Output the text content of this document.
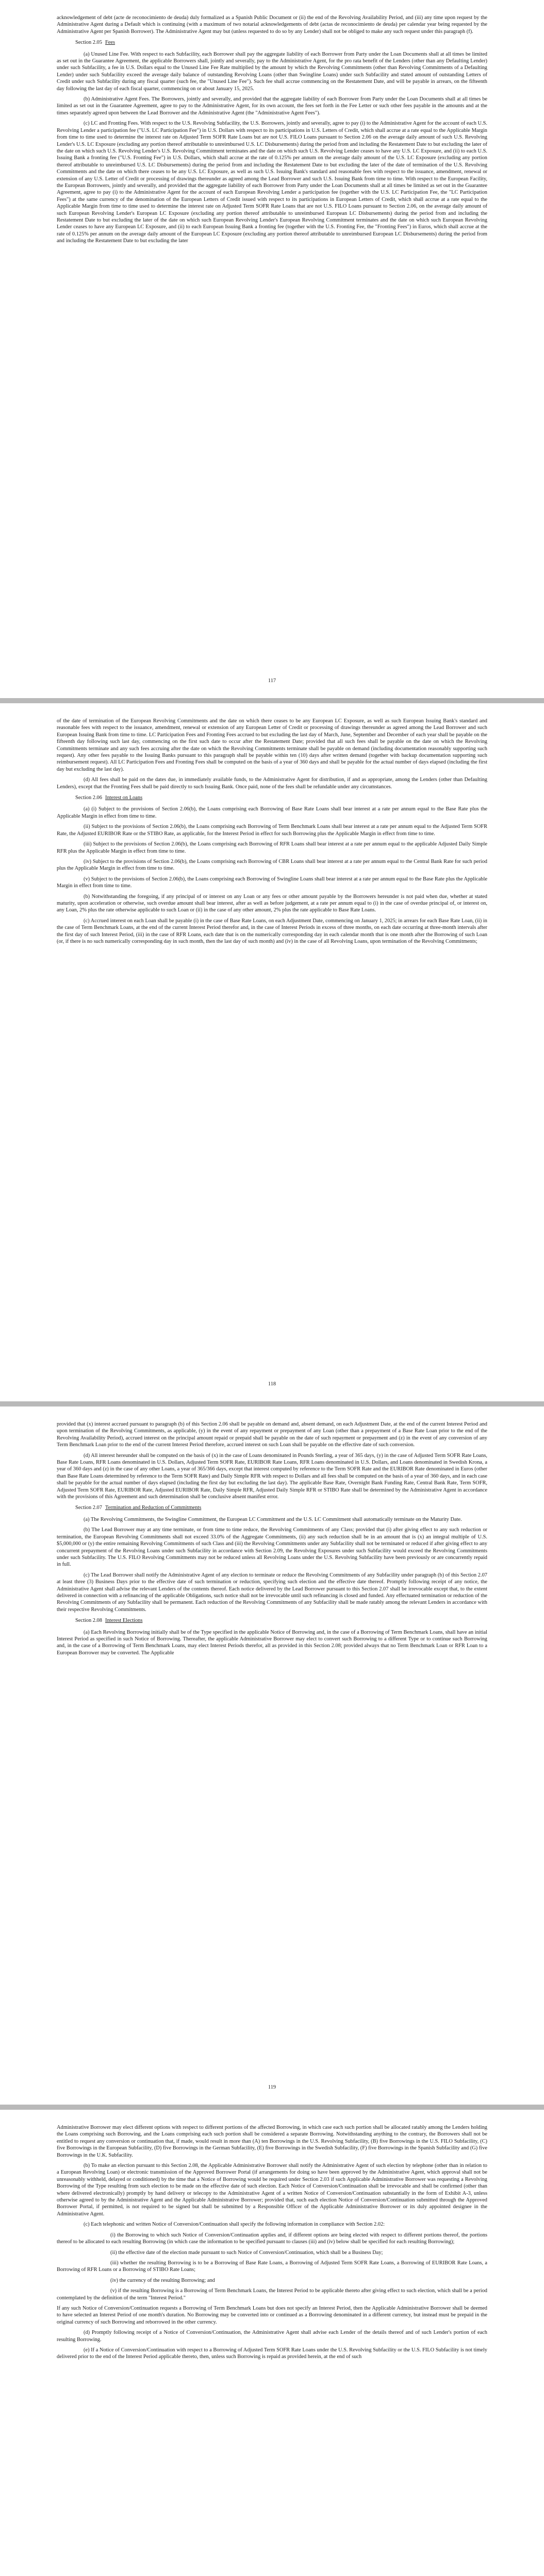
acknowledgement of debt (acte de reconocimiento de deuda) duly formalized as a Spanish Public Document or (ii) the end of the Revolving Availability Period, and (iii) any time upon request by the Administrative Agent during a Default which is continuing (with a maximum of two notarial acknowledgements of debt (actas de reconocimiento de deuda) per calendar year being requested by the Administrative Agent per Spanish Borrower). The Administrative Agent may but (unless requested to do so by any Lender) shall not be obliged to make any such request under this paragraph (f).

Section 2.05 Fees

(a) Unused Line Fee. With respect to each Subfacility, each Borrower shall pay the aggregate liability of each Borrower from Party under the Loan Documents shall at all times be limited as set out in the Guarantee Agreement, the applicable Borrowers shall, jointly and severally, pay to the Administrative Agent, for the pro rata benefit of the Lenders (other than any Defaulting Lender) under such Subfacility, a fee in U.S. Dollars equal to the Unused Line Fee Rate multiplied by the amount by which the Revolving Commitments (other than Revolving Commitments of a Defaulting Lender) under such Subfacility exceed the average daily balance of outstanding Revolving Loans (other than Swingline Loans) under such Subfacility and stated amount of outstanding Letters of Credit under such Subfacility during any fiscal quarter (such fee, the "Unused Line Fee"). Such fee shall accrue commencing on the Restatement Date, and will be payable in arrears, on the fifteenth day following the last day of each fiscal quarter, commencing on or about January 15, 2025.

(b) Administrative Agent Fees. The Borrowers, jointly and severally, and provided that the aggregate liability of each Borrower from Party under the Loan Documents shall at all times be limited as set out in the Guarantee Agreement, agree to pay to the Administrative Agent, for its own account, the fees set forth in the Fee Letter or such other fees payable in the amounts and at the times separately agreed upon between the Lead Borrower and the Administrative Agent (the "Administrative Agent Fees").

(c) LC and Fronting Fees. With respect to the U.S. Revolving Subfacility, the U.S. Borrowers, jointly and severally, agree to pay (i) to the Administrative Agent for the account of each U.S. Revolving Lender a participation fee ("U.S. LC Participation Fee") in U.S. Dollars with respect to its participations in U.S. Letters of Credit, which shall accrue at a rate equal to the Applicable Margin from time to time used to determine the interest rate on Adjusted Term SOFR Rate Loans but are not U.S. FILO Loans pursuant to Section 2.06 on the average daily amount of such U.S. Revolving Lender's U.S. LC Exposure (excluding any portion thereof attributable to unreimbursed U.S. LC Disbursements) during the period from and including the Restatement Date to but excluding the later of the date on which such U.S. Revolving Lender's U.S. Revolving Commitment terminates and the date on which such U.S. Revolving Lender ceases to have any U.S. LC Exposure, and (ii) to each U.S. Issuing Bank a fronting fee ("U.S. Fronting Fee") in U.S. Dollars, which shall accrue at the rate of 0.125% per annum on the average daily amount of the U.S. LC Exposure (excluding any portion thereof attributable to unreimbursed U.S. LC Disbursements) during the period from and including the Restatement Date to but excluding the later of the date of termination of the U.S. Revolving Commitments and the date on which there ceases to be any U.S. LC Exposure, as well as such U.S. Issuing Bank's standard and reasonable fees with respect to the issuance, amendment, renewal or extension of any U.S. Letter of Credit or processing of drawings thereunder as agreed among the Lead Borrower and such U.S. Issuing Bank from time to time. With respect to the European Facility, the European Borrowers, jointly and severally, and provided that the aggregate liability of each Borrower from Party under the Loan Documents shall at all times be limited as set out in the Guarantee Agreement, agree to pay (i) to the Administrative Agent for the account of each European Revolving Lender a participation fee (together with the U.S. LC Participation Fee, the "LC Participation Fees") at the same currency of the denomination of the European Letters of Credit issued with respect to its participations in European Letters of Credit, which shall accrue at a rate equal to the Applicable Margin from time to time used to determine the interest rate on Adjusted Term SOFR Rate Loans that are not U.S. FILO Loans pursuant to Section 2.06, on the average daily amount of such European Revolving Lender's European LC Exposure (excluding any portion thereof attributable to unreimbursed European LC Disbursements) during the period from and including the Restatement Date to but excluding the later of the date on which such European Revolving Lender's European Revolving Commitment terminates and the date on which such European Revolving Lender ceases to have any European LC Exposure, and (ii) to each European Issuing Bank a fronting fee (together with the U.S. Fronting Fee, the "Fronting Fees") in Euros, which shall accrue at the rate of 0.125% per annum on the average daily amount of the European LC Exposure (excluding any portion thereof attributable to unreimbursed European LC Disbursements) during the period from and including the Restatement Date to but excluding the later

117

of the date of termination of the European Revolving Commitments and the date on which there ceases to be any European LC Exposure, as well as such European Issuing Bank's standard and reasonable fees with respect to the issuance, amendment, renewal or extension of any European Letter of Credit or processing of drawings thereunder as agreed among the Lead Borrower and such European Issuing Bank from time to time. LC Participation Fees and Fronting Fees accrued to but excluding the last day of March, June, September and December of each year shall be payable on the fifteenth day following such last day, commencing on the first such date to occur after the Restatement Date; provided that all such fees shall be payable on the date on which the Revolving Commitments terminate and any such fees accruing after the date on which the Revolving Commitments terminate shall be payable on demand (including documentation reasonably supporting such request). Any other fees payable to the Issuing Banks pursuant to this paragraph shall be payable within ten (10) days after written demand (together with backup documentation supporting such reimbursement request). All LC Participation Fees and Fronting Fees shall be computed on the basis of a year of 360 days and shall be payable for the actual number of days elapsed (including the first day but excluding the last day).

(d) All fees shall be paid on the dates due, in immediately available funds, to the Administrative Agent for distribution, if and as appropriate, among the Lenders (other than Defaulting Lenders), except that the Fronting Fees shall be paid directly to such Issuing Bank. Once paid, none of the fees shall be refundable under any circumstances.

Section 2.06 Interest on Loans

(a) (i) Subject to the provisions of Section 2.06(b), the Loans comprising each Borrowing of Base Rate Loans shall bear interest at a rate per annum equal to the Base Rate plus the Applicable Margin in effect from time to time.

(ii) Subject to the provisions of Section 2.06(b), the Loans comprising each Borrowing of Term Benchmark Loans shall bear interest at a rate per annum equal to the Adjusted Term SOFR Rate, the Adjusted EURIBOR Rate or the STIBO Rate, as applicable, for the Interest Period in effect for such Borrowing plus the Applicable Margin in effect from time to time.

(iii) Subject to the provisions of Section 2.06(b), the Loans comprising each Borrowing of RFR Loans shall bear interest at a rate per annum equal to the applicable Adjusted Daily Simple RFR plus the Applicable Margin in effect from time to time.

(iv) Subject to the provisions of Section 2.06(b), the Loans comprising each Borrowing of CBR Loans shall bear interest at a rate per annum equal to the Central Bank Rate for such period plus the Applicable Margin in effect from time to time.

(v) Subject to the provisions of Section 2.06(b), the Loans comprising each Borrowing of Swingline Loans shall bear interest at a rate per annum equal to the Base Rate plus the Applicable Margin in effect from time to time.

(b) Notwithstanding the foregoing, if any principal of or interest on any Loan or any fees or other amount payable by the Borrowers hereunder is not paid when due, whether at stated maturity, upon acceleration or otherwise, such overdue amount shall bear interest, after as well as before judgement, at a rate per annum equal to (i) in the case of overdue principal of, or interest on, any Loan, 2% plus the rate otherwise applicable to such Loan or (ii) in the case of any other amount, 2% plus the rate applicable to Base Rate Loans.

(c) Accrued interest on each Loan shall be payable (i) in the case of Base Rate Loans, on each Adjustment Date, commencing on January 1, 2025; in arrears for each Base Rate Loan, (ii) in the case of Term Benchmark Loans, at the end of the current Interest Period therefor and, in the case of Interest Periods in excess of three months, on each date occurring at three-month intervals after the first day of such Interest Period, (iii) in the case of RFR Loans, each date that is on the numerically corresponding day in each calendar month that is one month after the Borrowing of such Loan (or, if there is no such numerically corresponding day in such month, then the last day of such month) and (iv) in the case of all Revolving Loans, upon termination of the Revolving Commitments;

118

provided that (x) interest accrued pursuant to paragraph (b) of this Section 2.06 shall be payable on demand and, absent demand, on each Adjustment Date, at the end of the current Interest Period and upon termination of the Revolving Commitments, as applicable, (y) in the event of any repayment or prepayment of any Loan (other than a prepayment of a Base Rate Loan prior to the end of the Revolving Availability Period), accrued interest on the principal amount repaid or prepaid shall be payable on the date of such repayment or prepayment and (z) in the event of any conversion of any Term Benchmark Loan prior to the end of the current Interest Period therefore, accrued interest on such Loan shall be payable on the effective date of such conversion.

(d) All interest hereunder shall be computed on the basis of (x) in the case of Loans denominated in Pounds Sterling, a year of 365 days, (y) in the case of Adjusted Term SOFR Rate Loans, Base Rate Loans, RFR Loans denominated in U.S. Dollars, Adjusted Term SOFR Rate, EURIBOR Rate Loans, RFR Loans denominated in U.S. Dollars, and Loans denominated in Swedish Krona, a year of 360 days and (z) in the case of any other Loans, a year of 365/366 days, except that interest computed by reference to the Term SOFR Rate and the EURIBOR Rate denominated in Euros (other than Base Rate Loans determined by reference to the Term SOFR Rate) and Daily Simple RFR with respect to Dollars and all fees shall be computed on the basis of a year of 360 days, and in each case shall be payable for the actual number of days elapsed (including the first day but excluding the last day). The applicable Base Rate, Overnight Bank Funding Rate, Central Bank Rate, Term SOFR, Adjusted Term SOFR Rate, EURIBOR Rate, Adjusted EURIBOR Rate, Daily Simple RFR, Adjusted Daily Simple RFR or STIBO Rate shall be determined by the Administrative Agent in accordance with the provisions of this Agreement and such determination shall be conclusive absent manifest error.

Section 2.07 Termination and Reduction of Commitments

(a) The Revolving Commitments, the Swingline Commitment, the European LC Commitment and the U.S. LC Commitment shall automatically terminate on the Maturity Date.

(b) The Lead Borrower may at any time terminate, or from time to time reduce, the Revolving Commitments of any Class; provided that (i) after giving effect to any such reduction or termination, the European Revolving Commitments shall not exceed 33.0% of the Aggregate Commitments, (ii) any such reduction shall be in an amount that is (x) an integral multiple of U.S. $5,000,000 or (y) the entire remaining Revolving Commitments of such Class and (iii) the Revolving Commitments under any Subfacility shall not be terminated or reduced if after giving effect to any concurrent prepayment of the Revolving Loans under such Subfacility in accordance with Section 2.09, the Revolving Exposures under such Subfacility would exceed the Revolving Commitments under such Subfacility. The U.S. FILO Revolving Commitments may not be reduced unless all Revolving Loans under the U.S. Revolving Subfacility have been previously or are concurrently repaid in full.

(c) The Lead Borrower shall notify the Administrative Agent of any election to terminate or reduce the Revolving Commitments of any Subfacility under paragraph (b) of this Section 2.07 at least three (3) Business Days prior to the effective date of such termination or reduction, specifying such election and the effective date thereof. Promptly following receipt of any notice, the Administrative Agent shall advise the relevant Lenders of the contents thereof. Each notice delivered by the Lead Borrower pursuant to this Section 2.07 shall be irrevocable except that, to the extent delivered in connection with a refinancing of the applicable Obligations, such notice shall not be irrevocable until such refinancing is closed and funded. Any effectuated termination or reduction of the Revolving Commitments of any Subfacility shall be permanent. Each reduction of the Revolving Commitments of any Subfacility shall be made ratably among the relevant Lenders in accordance with their respective Revolving Commitments.

Section 2.08 Interest Elections

(a) Each Revolving Borrowing initially shall be of the Type specified in the applicable Notice of Borrowing and, in the case of a Borrowing of Term Benchmark Loans, shall have an initial Interest Period as specified in such Notice of Borrowing. Thereafter, the applicable Administrative Borrower may elect to convert such Borrowing to a different Type or to continue such Borrowing and, in the case of a Borrowing of Term Benchmark Loans, may elect Interest Periods therefor, all as provided in this Section 2.08; provided always that no Term Benchmark Loan or RFR Loan to a European Borrower may be converted. The Applicable

119

Administrative Borrower may elect different options with respect to different portions of the affected Borrowing, in which case each such portion shall be allocated ratably among the Lenders holding the Loans comprising such Borrowing, and the Loans comprising each such portion shall be considered a separate Borrowing. Notwithstanding anything to the contrary, the Borrowers shall not be entitled to request any conversion or continuation that, if made, would result in more than (A) ten Borrowings in the U.S. Revolving Subfacility, (B) five Borrowings in the U.S. FILO Subfacility, (C) five Borrowings in the European Subfacility, (D) five Borrowings in the German Subfacility, (E) five Borrowings in the Swedish Subfacility, (F) five Borrowings in the Spanish Subfacility and (G) five Borrowings in the U.K. Subfacility.

(b) To make an election pursuant to this Section 2.08, the Applicable Administrative Borrower shall notify the Administrative Agent of such election by telephone (other than in relation to a European Revolving Loan) or electronic transmission of the Approved Borrower Portal (if arrangements for doing so have been approved by the Administrative Agent, which approval shall not be unreasonably withheld, delayed or conditioned) by the time that a Notice of Borrowing would be required under Section 2.03 if such Applicable Administrative Borrower was requesting a Revolving Borrowing of the Type resulting from such election to be made on the effective date of such election. Each Notice of Conversion/Continuation shall be irrevocable and shall be confirmed (other than where delivered electronically) promptly by hand delivery or telecopy to the Administrative Agent of a written Notice of Conversion/Continuation substantially in the form of Exhibit A-3, unless otherwise agreed to by the Administrative Agent and the Applicable Administrative Borrower; provided that, such each election Notice of Conversion/Continuation submitted through the Approved Borrower Portal, if permitted, is not required to be signed but shall be submitted by a Responsible Officer of the Applicable Administrative Borrower or its duly appointed designee in the Administrative Agent.

(c) Each telephonic and written Notice of Conversion/Continuation shall specify the following information in compliance with Section 2.02:

(i) the Borrowing to which such Notice of Conversion/Continuation applies and, if different options are being elected with respect to different portions thereof, the portions thereof to be allocated to each resulting Borrowing (in which case the information to be specified pursuant to clauses (iii) and (iv) below shall be specified for each resulting Borrowing);

(ii) the effective date of the election made pursuant to such Notice of Conversion/Continuation, which shall be a Business Day;

(iii) whether the resulting Borrowing is to be a Borrowing of Base Rate Loans, a Borrowing of Adjusted Term SOFR Rate Loans, a Borrowing of EURIBOR Rate Loans, a Borrowing of RFR Loans or a Borrowing of STIBO Rate Loans;

(iv) the currency of the resulting Borrowing; and

(v) if the resulting Borrowing is a Borrowing of Term Benchmark Loans, the Interest Period to be applicable thereto after giving effect to such election, which shall be a period contemplated by the definition of the term "Interest Period."

If any such Notice of Conversion/Continuation requests a Borrowing of Term Benchmark Loans but does not specify an Interest Period, then the Applicable Administrative Borrower shall be deemed to have selected an Interest Period of one month's duration. No Borrowing may be converted into or continued as a Borrowing denominated in a different currency, but instead must be prepaid in the original currency of such Borrowing and reborrowed in the other currency.

(d) Promptly following receipt of a Notice of Conversion/Continuation, the Administrative Agent shall advise each Lender of the details thereof and of such Lender's portion of each resulting Borrowing.

(e) If a Notice of Conversion/Continuation with respect to a Borrowing of Adjusted Term SOFR Rate Loans under the U.S. Revolving Subfacility or the U.S. FILO Subfacility is not timely delivered prior to the end of the Interest Period applicable thereto, then, unless such Borrowing is repaid as provided herein, at the end of such
